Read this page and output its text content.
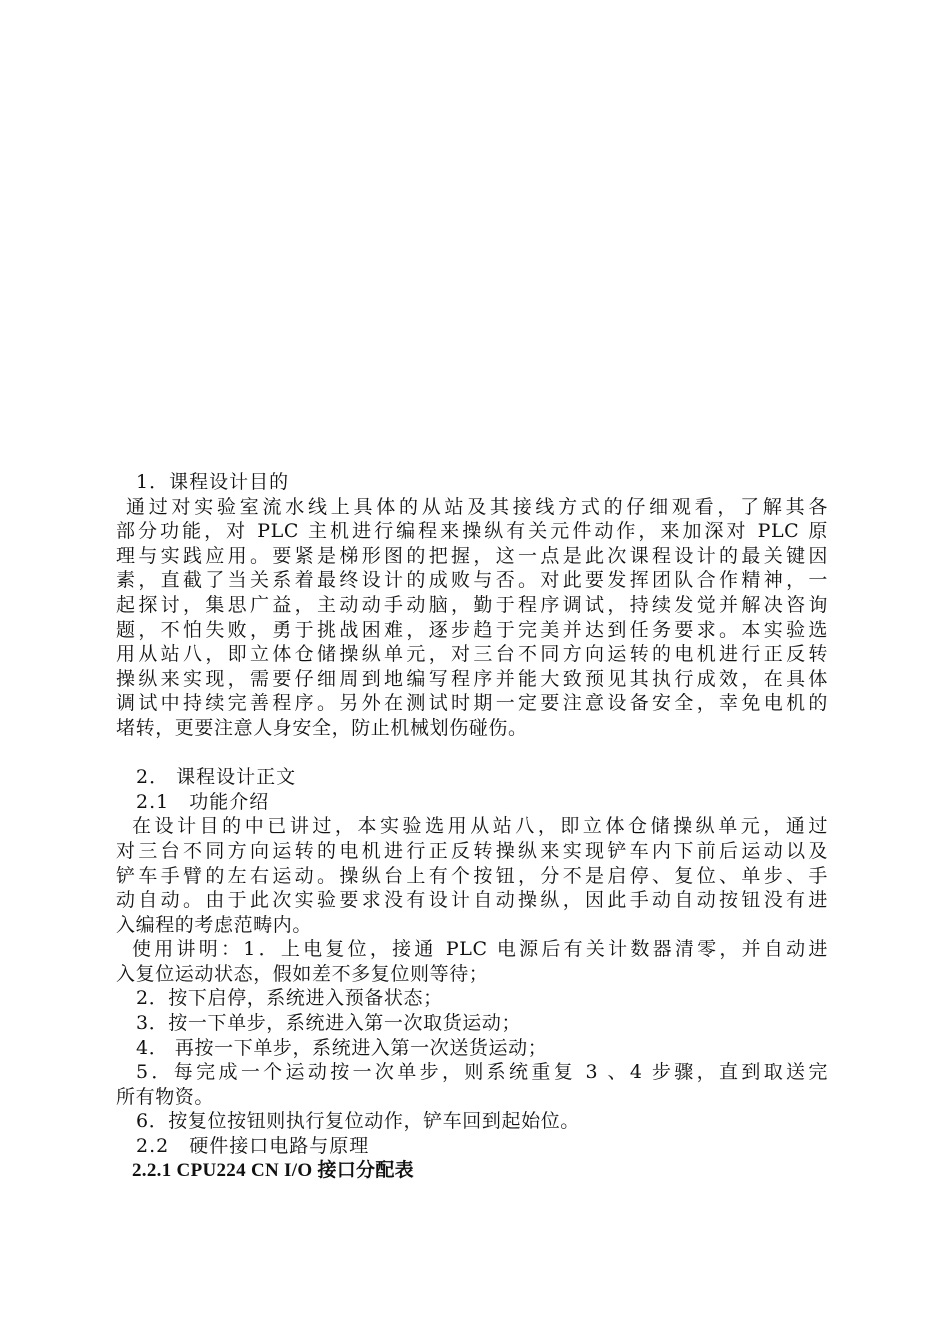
1．课程设计目的
通过对实验室流水线上具体的从站及其接线方式的仔细观看，了解其各
部分功能，对 PLC 主机进行编程来操纵有关元件动作，来加深对 PLC 原
理与实践应用。要紧是梯形图的把握，这一点是此次课程设计的最关键因
素，直截了当关系着最终设计的成败与否。对此要发挥团队合作精神，一
起探讨，集思广益，主动动手动脑，勤于程序调试，持续发觉并解决咨询
题，不怕失败，勇于挑战困难，逐步趋于完美并达到任务要求。本实验选
用从站八，即立体仓储操纵单元，对三台不同方向运转的电机进行正反转
操纵来实现，需要仔细周到地编写程序并能大致预见其执行成效，在具体
调试中持续完善程序。另外在测试时期一定要注意设备安全，幸免电机的
堵转，更要注意人身安全，防止机械划伤碰伤。
2． 课程设计正文
2.1　功能介绍
在设计目的中已讲过，本实验选用从站八，即立体仓储操纵单元，通过
对三台不同方向运转的电机进行正反转操纵来实现铲车内下前后运动以及
铲车手臂的左右运动。操纵台上有个按钮，分不是启停、复位、单步、手
动自动。由于此次实验要求没有设计自动操纵，因此手动自动按钮没有进
入编程的考虑范畴内。
使用讲明：1．上电复位，接通 PLC 电源后有关计数器清零，并自动进
入复位运动状态，假如差不多复位则等待；
2．按下启停，系统进入预备状态；
3．按一下单步，系统进入第一次取货运动；
4． 再按一下单步，系统进入第一次送货运动；
5．每完成一个运动按一次单步，则系统重复 3 、4 步骤，直到取送完
所有物资。
6．按复位按钮则执行复位动作，铲车回到起始位。
2.2　硬件接口电路与原理
2.2.1 CPU224 CN I/O 接口分配表
